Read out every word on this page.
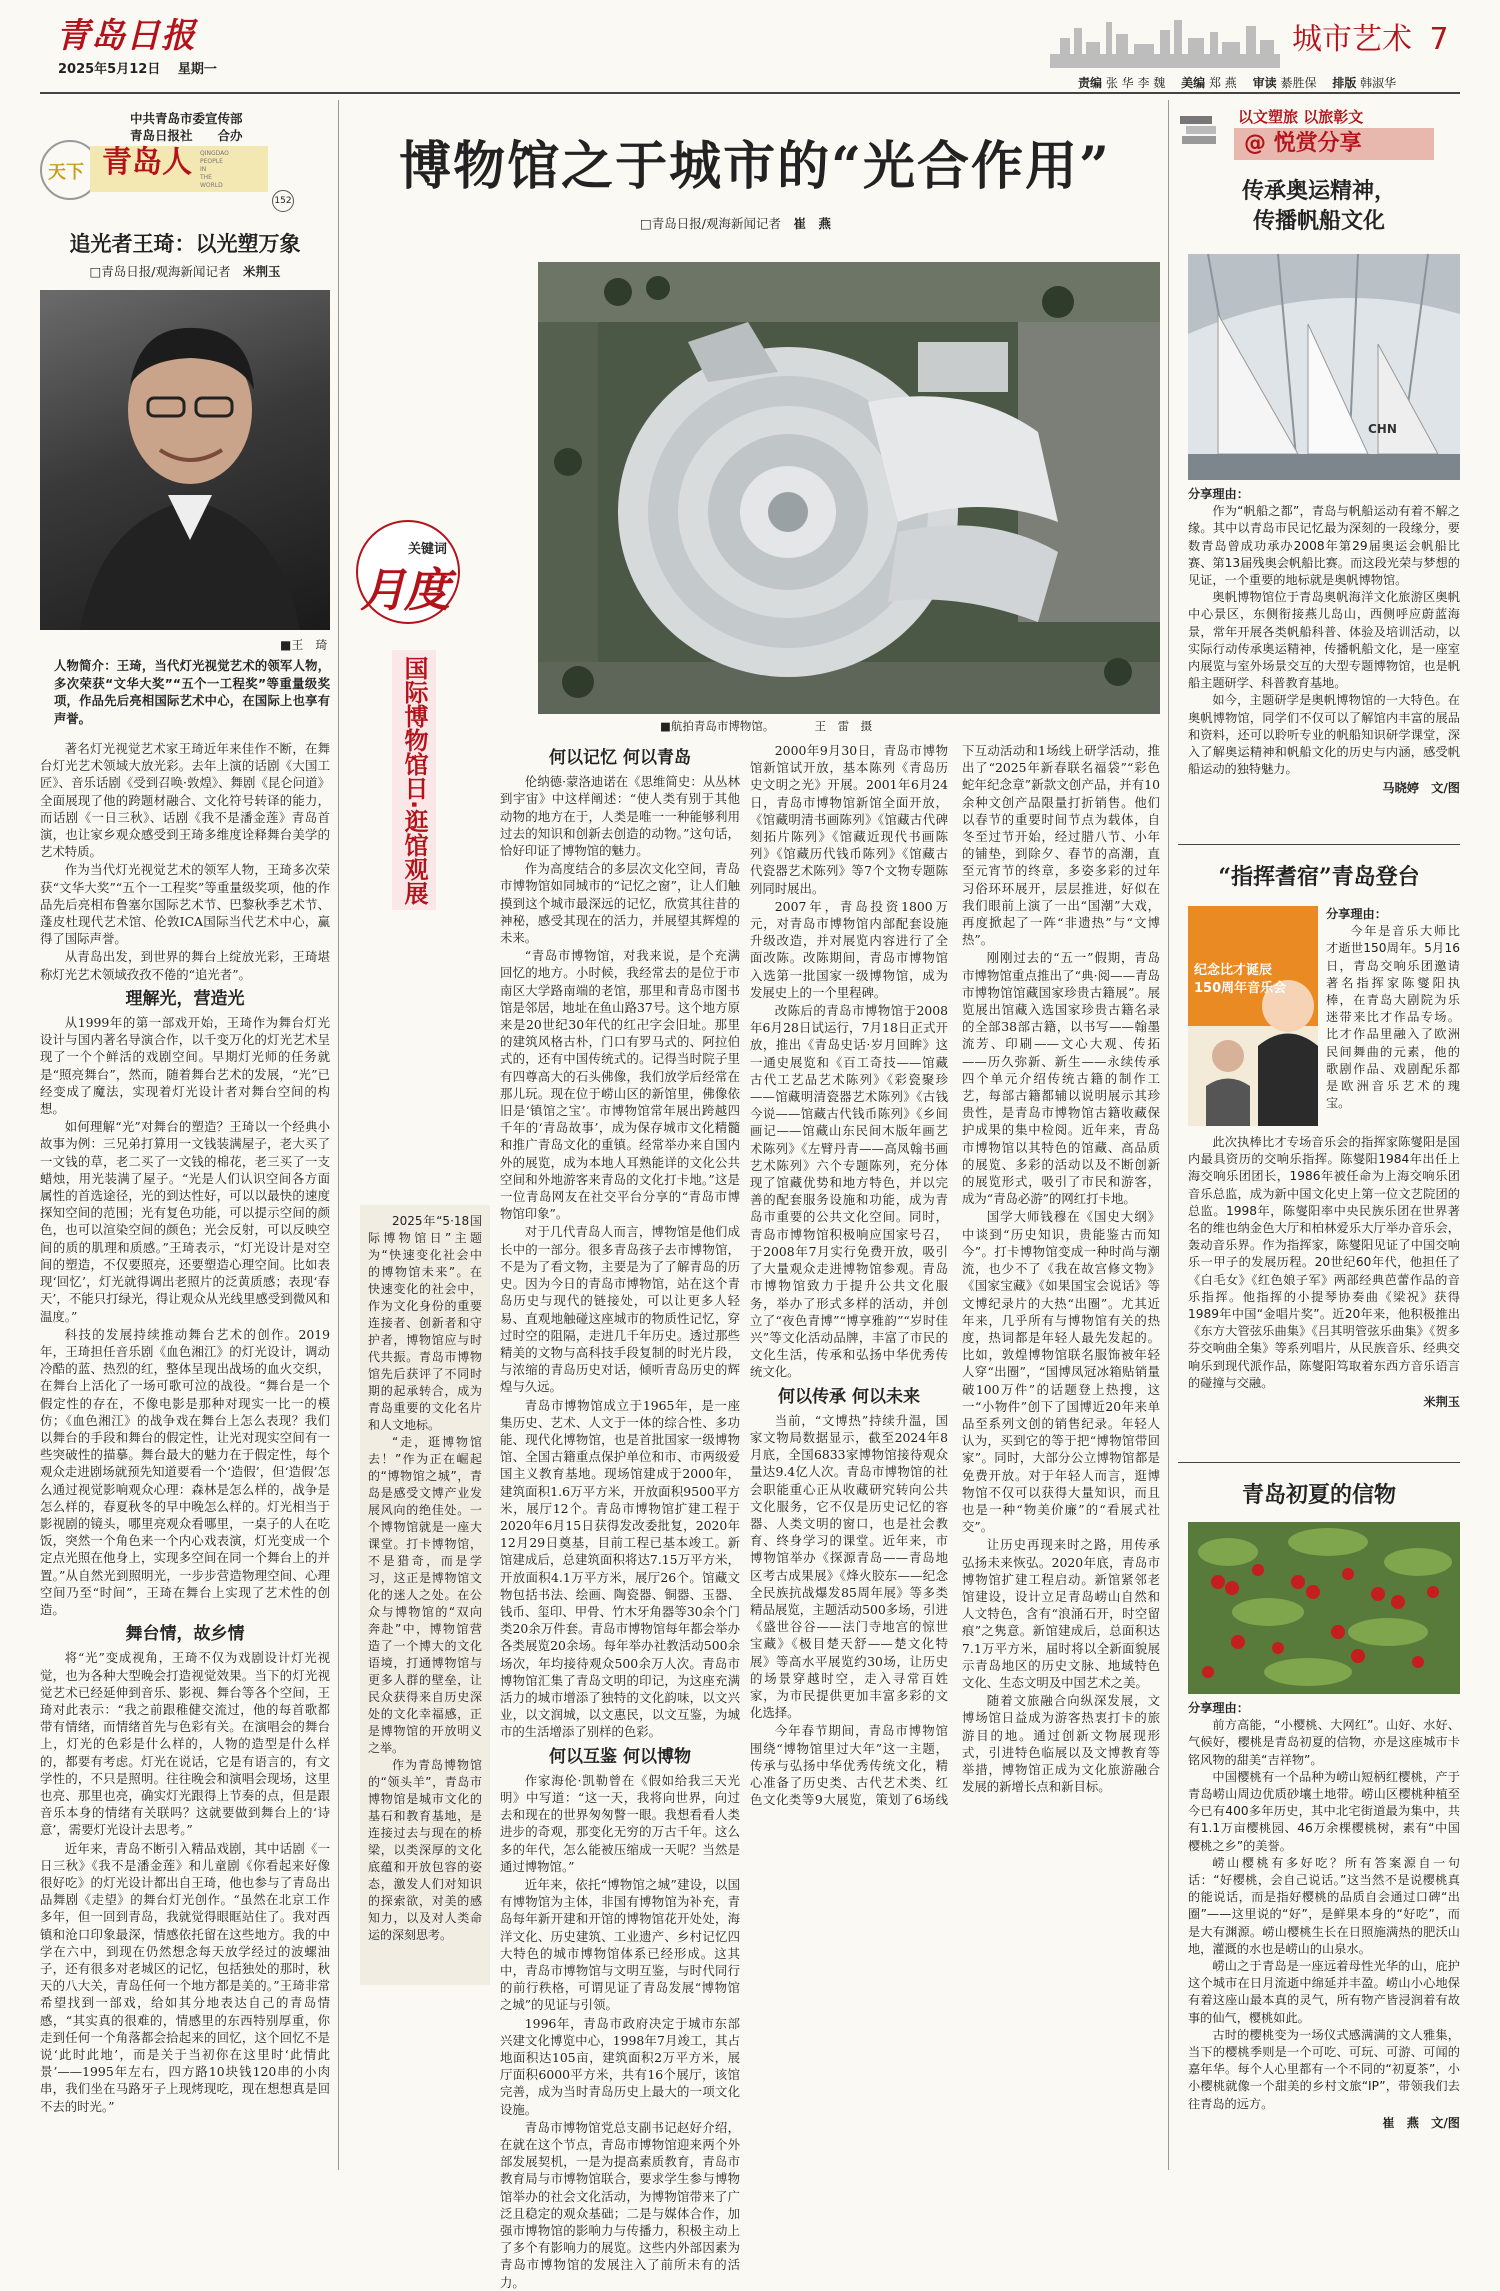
青岛日报
2025年5月12日　 星期一
城市艺术 7
责编 张 华 李 魏　 美编 郑 燕　 审读 綦胜保　 排版 韩淑华
中共青岛市委宣传部
青岛日报社　　 合办
天下 青岛人	QINGDAO PEOPLE IN THE WORLD
152
追光者王琦：以光塑万象
□青岛日报/观海新闻记者　 米荆玉
■王　琦
人物简介：王琦，当代灯光视觉艺术的领军人物，多次荣获“文华大奖”“五个一工程奖”等重量级奖项，作品先后亮相国际艺术中心，在国际上也享有声誉。

著名灯光视觉艺术家王琦近年来佳作不断，在舞台灯光艺术领域大放光彩。去年上演的话剧《大国工匠》、音乐话剧《受到召唤·敦煌》、舞剧《昆仑问道》全面展现了他的跨题材融合、文化符号转译的能力，而话剧《一日三秋》、话剧《我不是潘金莲》青岛首演，也让家乡观众感受到王琦多维度诠释舞台美学的艺术特质。

作为当代灯光视觉艺术的领军人物，王琦多次荣获“文华大奖”“五个一工程奖”等重量级奖项，他的作品先后亮相布鲁塞尔国际艺术节、巴黎秋季艺术节、蓬皮杜现代艺术馆、伦敦ICA国际当代艺术中心，赢得了国际声誉。

从青岛出发，到世界的舞台上绽放光彩，王琦堪称灯光艺术领域孜孜不倦的“追光者”。

理解光，营造光

从1999年的第一部戏开始，王琦作为舞台灯光设计与国内著名导演合作，以千变万化的灯光艺术呈现了一个个鲜活的戏剧空间。早期灯光师的任务就是“照亮舞台”，然而，随着舞台艺术的发展，“光”已经变成了魔法，实现着灯光设计者对舞台空间的构想。

如何理解“光”对舞台的塑造？王琦以一个经典小故事为例：三兄弟打算用一文钱装满屋子，老大买了一文钱的草，老二买了一文钱的棉花，老三买了一支蜡烛，用光装满了屋子。“光是人们认识空间各方面属性的首选途径，光的到达性好，可以以最快的速度探知空间的范围；光有复色功能，可以提示空间的颜色，也可以渲染空间的颜色；光会反射，可以反映空间的质的肌理和质感。”王琦表示，“灯光设计是对空间的塑造，不仅要照亮，还要塑造心理空间。比如表现‘回忆’，灯光就得调出老照片的泛黄质感；表现‘春天’，不能只打绿光，得让观众从光线里感受到微风和温度。”

科技的发展持续推动舞台艺术的创作。2019年，王琦担任音乐剧《血色湘江》的灯光设计，调动冷酷的蓝、热烈的红，整体呈现出战场的血火交织，在舞台上活化了一场可歌可泣的战役。“舞台是一个假定性的存在，不像电影是那种对现实一比一的模仿；《血色湘江》的战争戏在舞台上怎么表现？我们以舞台的手段和舞台的假定性，让光对现实空间有一些突破性的描摹。舞台最大的魅力在于假定性，每个观众走进剧场就预先知道要看一个‘造假’，但‘造假’怎么通过视觉影响观众心理：森林是怎么样的，战争是怎么样的，春夏秋冬的早中晚怎么样的。灯光相当于影视剧的镜头，哪里亮观众看哪里，一桌子的人在吃饭，突然一个角色来一个内心戏表演，灯光变成一个定点光照在他身上，实现多空间在同一个舞台上的并置。”从自然光到照明光，一步步营造物理空间、心理空间乃至“时间”，王琦在舞台上实现了艺术性的创造。

舞台情，故乡情

将“光”变成视角，王琦不仅为戏剧设计灯光视觉，也为各种大型晚会打造视觉效果。当下的灯光视觉艺术已经延伸到音乐、影视、舞台等各个空间，王琦对此表示：“我之前跟稚健交流过，他的每首歌都带有情绪，而情绪首先与色彩有关。在演唱会的舞台上，灯光的色彩是什么样的，人物的造型是什么样的，都要有考虑。灯光在说话，它是有语言的，有文学性的，不只是照明。往往晚会和演唱会现场，这里也亮、那里也亮，确实灯光跟得上节奏的点，但是跟音乐本身的情绪有关联吗？这就要做到舞台上的‘诗意’，需要灯光设计去思考。”

近年来，青岛不断引入精品戏剧，其中话剧《一日三秋》《我不是潘金莲》和儿童剧《你看起来好像很好吃》的灯光设计都出自王琦，他也参与了青岛出品舞剧《走望》的舞台灯光创作。“虽然在北京工作多年，但一回到青岛，我就觉得眼眶站住了。我对西镇和沧口印象最深，情感依托留在这些地方。我的中学在六中，到现在仍然想念每天放学经过的波螺油子，还有很多对老城区的记忆，包括独处的那时，秋天的八大关，青岛任何一个地方都是美的。”王琦非常希望找到一部戏，给如其分地表达自己的青岛情感，“其实真的很难的，情感里的东西特别厚重，你走到任何一个角落都会拾起来的回忆，这个回忆不是说‘此时此地’，而是关于当初你在这里时‘此情此景’——1995年左右，四方路10块钱120串的小肉串，我们坐在马路牙子上现烤现吃，现在想想真是回不去的时光。”

博物馆之于城市的“光合作用”
□青岛日报/观海新闻记者　 崔　燕
■航拍青岛市博物馆。　　　　	王　雷　摄
关键词
月度
国际博物馆日·逛馆观展

2025年“5·18国际博物馆日”主题为“快速变化社会中的博物馆未来”。在快速变化的社会中，作为文化身份的重要连接者、创新者和守护者，博物馆应与时代共振。青岛市博物馆先后获评了不同时期的起承转合，成为青岛重要的文化名片和人文地标。

“走，逛博物馆去！”作为正在崛起的“博物馆之城”，青岛是感受文博产业发展风向的绝佳处。一个博物馆就是一座大课堂。打卡博物馆，不是猎奇，而是学习，这正是博物馆文化的迷人之处。在公众与博物馆的“双向奔赴”中，博物馆营造了一个博大的文化语境，打通博物馆与更多人群的壁垒，让民众获得来自历史深处的文化幸福感，正是博物馆的开放明义之举。

作为青岛博物馆的“领头羊”，青岛市博物馆是城市文化的基石和教育基地，是连接过去与现在的桥梁，以类深厚的文化底蕴和开放包容的姿态，激发人们对知识的探索欲，对美的感知力，以及对人类命运的深刻思考。

何以记忆 何以青岛

伦纳德·蒙洛迪诺在《思维简史：从丛林到宇宙》中这样阐述：“使人类有别于其他动物的地方在于，人类是唯一一种能够利用过去的知识和创新去创造的动物。”这句话，恰好印证了博物馆的魅力。

作为高度结合的多层次文化空间，青岛市博物馆如同城市的“记忆之窗”，让人们触摸到这个城市最深远的记忆，欣赏其往昔的神秘，感受其现在的活力，并展望其辉煌的未来。

“青岛市博物馆，对我来说，是个充满回忆的地方。小时候，我经常去的是位于市南区大学路南端的老馆，那里和青岛市图书馆是邻居，地址在鱼山路37号。这个地方原来是20世纪30年代的红卍字会旧址。那里的建筑风格古朴，门口有罗马式的、阿拉伯式的，还有中国传统式的。记得当时院子里有四尊高大的石头佛像，我们放学后经常在那儿玩。现在位于崂山区的新馆里，佛像依旧是‘镇馆之宝’。市博物馆常年展出跨越四千年的‘青岛故事’，成为保存城市文化精髓和推广青岛文化的重镇。经常举办来自国内外的展览，成为本地人耳熟能详的文化公共空间和外地游客来青岛的文化打卡地。”这是一位青岛网友在社交平台分享的“青岛市博物馆印象”。

对于几代青岛人而言，博物馆是他们成长中的一部分。很多青岛孩子去市博物馆，不是为了看文物，主要是为了了解青岛的历史。因为今日的青岛市博物馆，站在这个青岛历史与现代的链接处，可以让更多人轻易、直观地触碰这座城市的物质性记忆，穿过时空的阻隔，走进几千年历史。透过那些精美的文物与高科技手段复制的时光片段，与浓缩的青岛历史对话，倾听青岛历史的辉煌与久远。

青岛市博物馆成立于1965年，是一座集历史、艺术、人文于一体的综合性、多功能、现代化博物馆，也是首批国家一级博物馆、全国古籍重点保护单位和市、市两级爱国主义教育基地。现场馆建成于2000年，建筑面积1.6万平方米，开放面积9500平方米，展厅12个。青岛市博物馆扩建工程于2020年6月15日获得发改委批复，2020年12月29日奠基，目前工程已基本竣工。新馆建成后，总建筑面积将达7.15万平方米，开放面积4.1万平方米，展厅26个。馆藏文物包括书法、绘画、陶瓷器、铜器、玉器、钱币、玺印、甲骨、竹木牙角器等30余个门类20余万件套。青岛市博物馆每年都会举办各类展览20余场。每年举办社教活动500余场次，年均接待观众500余万人次。青岛市博物馆汇集了青岛文明的印记，为这座充满活力的城市增添了独特的文化韵味，以文兴业，以文润城，以文惠民，以文互鉴，为城市的生活增添了别样的色彩。

何以互鉴 何以博物

作家海伦·凯勒曾在《假如给我三天光明》中写道：“这一天，我将向世界，向过去和现在的世界匆匆瞥一眼。我想看看人类进步的奇观，那变化无穷的万古千年。这么多的年代，怎么能被压缩成一天呢？当然是通过博物馆。”

近年来，依托“博物馆之城”建设，以国有博物馆为主体，非国有博物馆为补充，青岛每年新开建和开馆的博物馆花开处处，海洋文化、历史建筑、工业遗产、乡村记忆四大特色的城市博物馆体系已经形成。这其中，青岛市博物馆与文明互鉴，与时代同行的前行秩格，可谓见证了青岛发展“博物馆之城”的见证与引领。

1996年，青岛市政府决定于城市东部兴建文化博览中心，1998年7月竣工，其占地面积达105亩，建筑面积2万平方米，展厅面积6000平方米，共有16个展厅，该馆完善，成为当时青岛历史上最大的一项文化设施。

青岛市博物馆党总支副书记赵好介绍，在就在这个节点，青岛市博物馆迎来两个外部发展契机，一是为提高素质教育，青岛市教育局与市博物馆联合，要求学生参与博物馆举办的社会文化活动，为博物馆带来了广泛且稳定的观众基础；二是与媒体合作，加强市博物馆的影响力与传播力，积极主动上了多个有影响力的展览。这些内外部因素为青岛市博物馆的发展注入了前所未有的活力。

2000年9月30日，青岛市博物馆新馆试开放，基本陈列《青岛历史文明之光》开展。2001年6月24日，青岛市博物馆新馆全面开放，《馆藏明清书画陈列》《馆藏古代碑刻拓片陈列》《馆藏近现代书画陈列》《馆藏历代钱币陈列》《馆藏古代瓷器艺术陈列》等7个文物专题陈列同时展出。

2007年，青岛投资1800万元，对青岛市博物馆内部配套设施升级改造，并对展览内容进行了全面改陈。改陈期间，青岛市博物馆入选第一批国家一级博物馆，成为发展史上的一个里程碑。

改陈后的青岛市博物馆于2008年6月28日试运行，7月18日正式开放，推出《青岛史话·岁月回眸》这一通史展览和《百工奇技——馆藏古代工艺品艺术陈列》《彩瓷聚珍——馆藏明清瓷器艺术陈列》《古钱今说——馆藏古代钱币陈列》《乡间画记——馆藏山东民间木版年画艺术陈列》《左臂丹青——高凤翰书画艺术陈列》六个专题陈列，充分体现了馆藏优势和地方特色，并以完善的配套服务设施和功能，成为青岛市重要的公共文化空间。同时，青岛市博物馆积极响应国家号召，于2008年7月实行免费开放，吸引了大量观众走进博物馆参观。青岛市博物馆致力于提升公共文化服务，举办了形式多样的活动，并创立了“夜色青博”“博享雅韵”“岁时佳兴”等文化活动品牌，丰富了市民的文化生活，传承和弘扬中华优秀传统文化。

何以传承 何以未来

当前，“文博热”持续升温，国家文物局数据显示，截至2024年8月底，全国6833家博物馆接待观众量达9.4亿人次。青岛市博物馆的社会职能重心正从收藏研究转向公共文化服务，它不仅是历史记忆的容器、人类文明的窗口，也是社会教育、终身学习的课堂。近年来，市博物馆举办《探源青岛——青岛地区考古成果展》《烽火胶东——纪念全民族抗战爆发85周年展》等多类精品展览，主题活动500多场，引进《盛世谷谷——法门寺地宫的惊世宝藏》《极目楚天舒——楚文化特展》等高水平展览约30场，让历史的场景穿越时空，走入寻常百姓家，为市民提供更加丰富多彩的文化选择。

今年春节期间，青岛市博物馆围绕“博物馆里过大年”这一主题，传承与弘扬中华优秀传统文化，精心准备了历史类、古代艺术类、红色文化类等9大展览，策划了6场线下互动活动和1场线上研学活动，推出了“2025年新春联名福袋”“彩色蛇年纪念章”新款文创产品，并有10余种文创产品限量打折销售。他们以春节的重要时间节点为载体，自冬至过节开始，经过腊八节、小年的铺垫，到除夕、春节的高潮，直至元宵节的终章，多姿多彩的过年习俗环环展开，层层推进，好似在我们眼前上演了一出“国潮”大戏，再度掀起了一阵“非遗热”与“文博热”。

刚刚过去的“五一”假期，青岛市博物馆重点推出了“典·阅——青岛市博物馆馆藏国家珍贵古籍展”。展览展出馆藏入选国家珍贵古籍名录的全部38部古籍，以书写——翰墨流芳、印刷——文心大观、传拓——历久弥新、新生——永续传承四个单元介绍传统古籍的制作工艺，每部古籍都辅以说明展示其珍贵性，是青岛市博物馆古籍收藏保护成果的集中检阅。近年来，青岛市博物馆以其特色的馆藏、高品质的展览、多彩的活动以及不断创新的展览形式，吸引了市民和游客，成为“青岛必游”的网红打卡地。

国学大师钱穆在《国史大纲》中谈到“历史知识，贵能鉴古而知今”。打卡博物馆变成一种时尚与潮流，也少不了《我在故宫修文物》《国家宝藏》《如果国宝会说话》等文博纪录片的大热“出圈”。尤其近年来，几乎所有与博物馆有关的热度，热词都是年轻人最先发起的。比如，敦煌博物馆联名服饰被年轻人穿“出圈”，“国博凤冠冰箱贴销量破100万件”的话题登上热搜，这一“小物件”创下了国博近20年来单品至系列文创的销售纪录。年轻人认为，买到它的等于把“博物馆带回家”。同时，大部分公立博物馆都是免费开放。对于年轻人而言，逛博物馆不仅可以获得大量知识，而且也是一种“物美价廉”的“看展式社交”。

让历史再现来时之路，用传承弘扬未来恢弘。2020年底，青岛市博物馆扩建工程启动。新馆紧邻老馆建设，设计立足青岛崂山自然和人文特色，含有“浪涌石开，时空留痕”之隽意。新馆建成后，总面积达7.1万平方米，届时将以全新面貌展示青岛地区的历史文脉、地域特色文化、生态文明及中国艺术之美。

随着文旅融合向纵深发展，文博场馆日益成为游客热衷打卡的旅游目的地。通过创新文物展现形式，引进特色临展以及文博教育等举措，博物馆正成为文化旅游融合发展的新增长点和新目标。

以文塑旅 以旅彰文
@ 悦赏分享
传承奥运精神，
传播帆船文化
CHN
分享理由：

作为“帆船之都”，青岛与帆船运动有着不解之缘。其中以青岛市民记忆最为深刻的一段缘分，要数青岛曾成功承办2008年第29届奥运会帆船比赛、第13届残奥会帆船比赛。而这段光荣与梦想的见证，一个重要的地标就是奥帆博物馆。

奥帆博物馆位于青岛奥帆海洋文化旅游区奥帆中心景区，东侧衔接燕儿岛山，西侧呼应蔚蓝海景，常年开展各类帆船科普、体验及培训活动，以实际行动传承奥运精神，传播帆船文化，是一座室内展览与室外场景交互的大型专题博物馆，也是帆船主题研学、科普教育基地。

如今，主题研学是奥帆博物馆的一大特色。在奥帆博物馆，同学们不仅可以了解馆内丰富的展品和资料，还可以聆听专业的帆船知识研学课堂，深入了解奥运精神和帆船文化的历史与内涵，感受帆船运动的独特魅力。

马晓婷　文/图
“指挥耆宿”青岛登台
纪念比才诞辰
150周年音乐会
分享理由：

今年是音乐大师比才逝世150周年。5月16日，青岛交响乐团邀请著名指挥家陈燮阳执棒，在青岛大剧院为乐迷带来比才作品专场。比才作品里融入了欧洲民间舞曲的元素，他的歌剧作品、戏剧配乐都是欧洲音乐艺术的瑰宝。

此次执棒比才专场音乐会的指挥家陈燮阳是国内最具资历的交响乐指挥。陈燮阳1984年出任上海交响乐团团长，1986年被任命为上海交响乐团音乐总监，成为新中国文化史上第一位文艺院团的总监。1998年，陈燮阳率中央民族乐团在世界著名的维也纳金色大厅和柏林爱乐大厅举办音乐会，轰动音乐界。作为指挥家，陈燮阳见证了中国交响乐一甲子的发展历程。20世纪60年代，他担任了《白毛女》《红色娘子军》两部经典芭蕾作品的音乐指挥。他指挥的小提琴协奏曲《梁祝》获得1989年中国“金唱片奖”。近20年来，他积极推出《东方大管弦乐曲集》《吕其明管弦乐曲集》《贺多芬交响曲全集》等系列唱片，从民族音乐、经典交响乐到现代派作品，陈燮阳笃取着东西方音乐语言的碰撞与交融。

米荆玉
青岛初夏的信物
分享理由：

前方高能，“小樱桃、大网红”。山好、水好、气候好，樱桃是青岛初夏的信物，亦是这座城市卡铭风物的甜美“吉祥物”。

中国樱桃有一个品种为崂山短柄红樱桃，产于青岛崂山周边优质砂壤土地带。崂山区樱桃种植至今已有400多年历史，其中北宅街道最为集中，共有1.1万亩樱桃园、46万余棵樱桃树，素有“中国樱桃之乡”的美誉。

崂山樱桃有多好吃？所有答案源自一句话：“好樱桃，会自己说话。”这当然不是说樱桃真的能说话，而是指好樱桃的品质自会通过口碑“出圈”——这里说的“好”，是鲜果本身的“好吃”，而是大有渊源。崂山樱桃生长在日照施满热的肥沃山地，灌溉的水也是崂山的山泉水。

崂山之于青岛是一座远着母性光华的山，庇护这个城市在日月流逝中绵延并丰盈。崂山小心地保有着这座山最本真的灵气，所有物产皆浸润着有故事的仙气，樱桃如此。

古时的樱桃变为一场仪式感满满的文人雅集，当下的樱桃季则是一个可吃、可玩、可游、可闻的嘉年华。每个人心里都有一个不同的“初夏茶”，小小樱桃就像一个甜美的乡村文旅“IP”，带领我们去往青岛的远方。

崔　燕　文/图
